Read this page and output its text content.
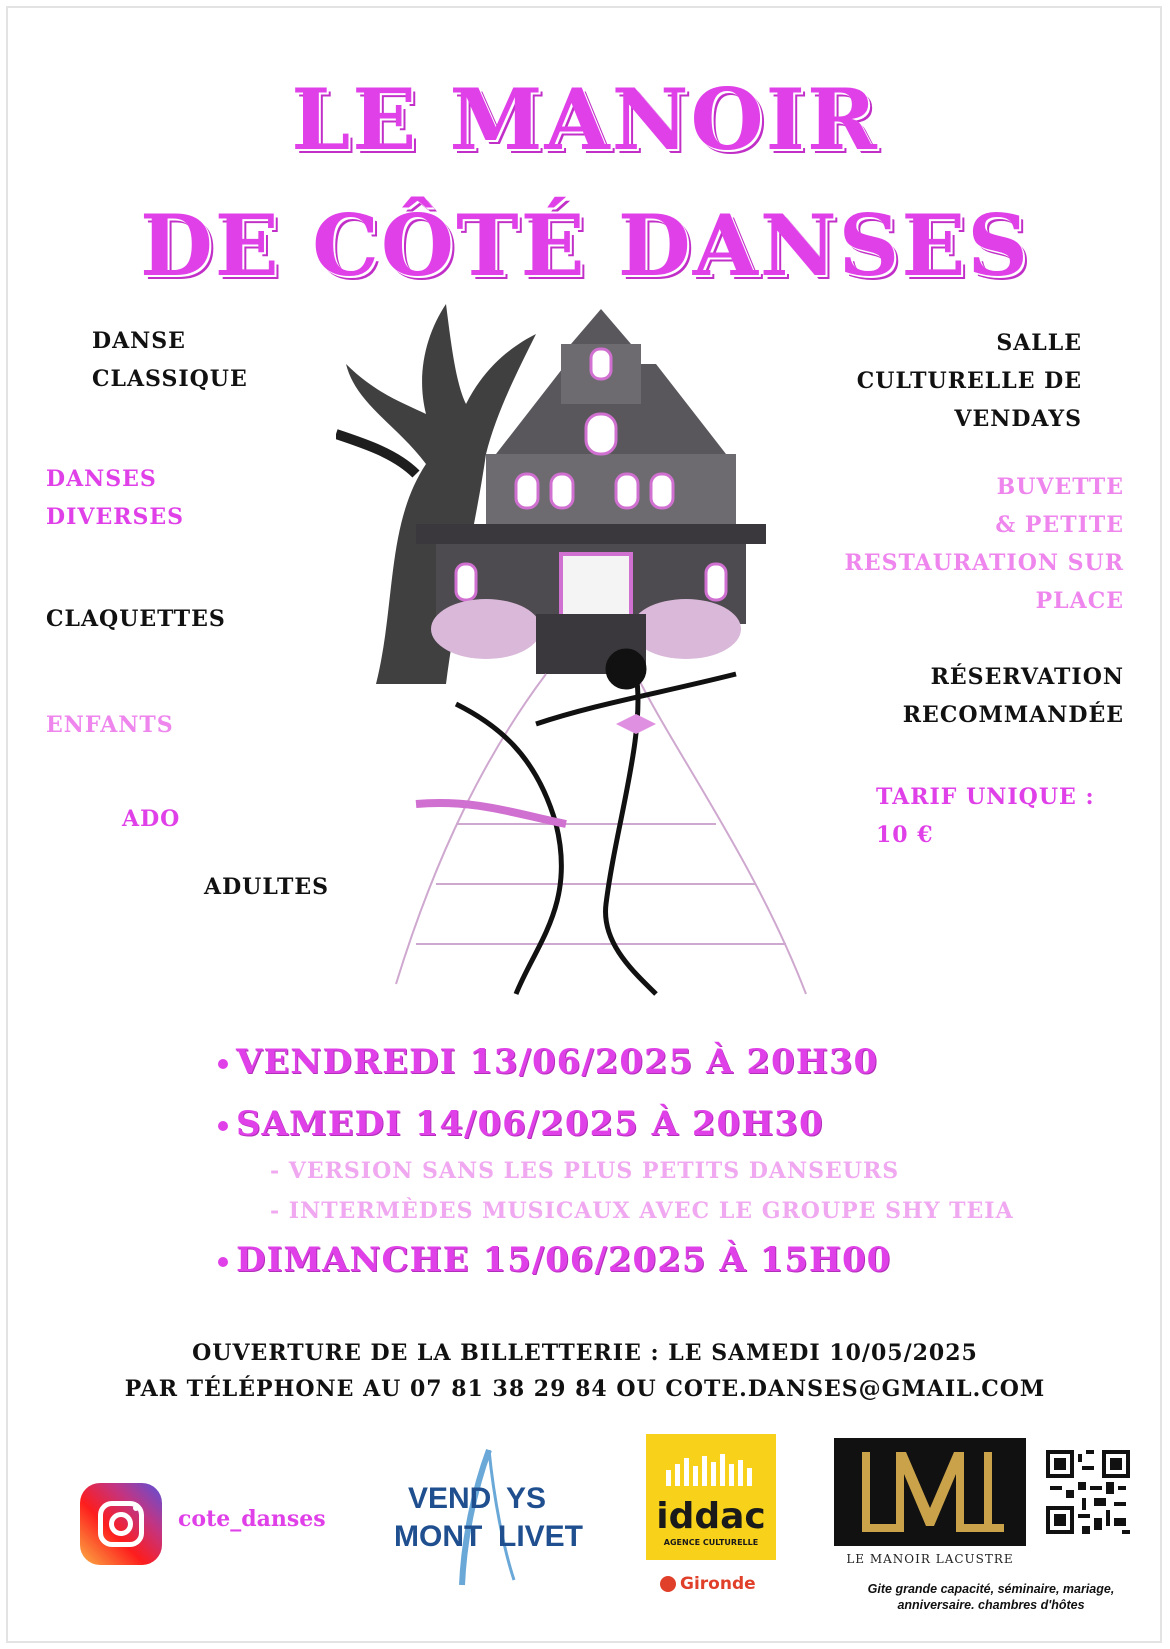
LE MANOIR
DE CÔTÉ DANSES
DANSE
CLASSIQUE
DANSES
DIVERSES
CLAQUETTES
ENFANTS
ADO
ADULTES
SALLE
CULTURELLE DE
VENDAYS
BUVETTE
& PETITE
RESTAURATION SUR
PLACE
RÉSERVATION
RECOMMANDÉE
TARIF UNIQUE :
10 €
VENDREDI 13/06/2025 À 20H30
SAMEDI 14/06/2025 À 20H30
- VERSION SANS LES PLUS PETITS DANSEURS
- INTERMÈDES MUSICAUX AVEC LE GROUPE SHY TEIA
DIMANCHE 15/06/2025 À 15H00
OUVERTURE DE LA BILLETTERIE : LE SAMEDI 10/05/2025
PAR TÉLÉPHONE AU 07 81 38 29 84 OU COTE.DANSES@GMAIL.COM
cote_danses
VEND YS
MONT LIVET iddac
AGENCE CULTURELLE
Gironde
LE MANOIR LACUSTRE
Gite grande capacité, séminaire, mariage,
anniversaire. chambres d'hôtes
